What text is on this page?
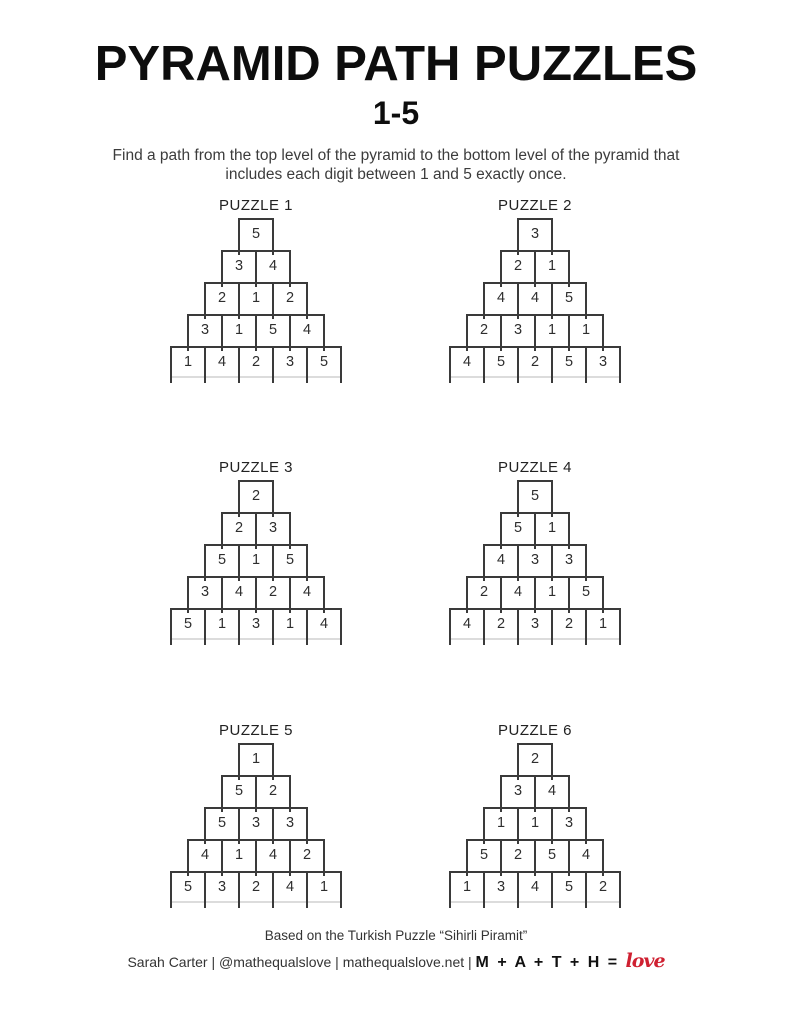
PYRAMID PATH PUZZLES
1-5
Find a path from the top level of the pyramid to the bottom level of the pyramid that
includes each digit between 1 and 5 exactly once.
PUZZLE 1
5
3	4
2	1	2
3	1	5	4
1	4	2	3	5
PUZZLE 2
3
2	1
4	4	5
2	3	1	1
4	5	2	5	3
PUZZLE 3
2
2	3
5	1	5
3	4	2	4
5	1	3	1	4
PUZZLE 4
5
5	1
4	3	3
2	4	1	5
4	2	3	2	1
PUZZLE 5
1
5	2
5	3	3
4	1	4	2
5	3	2	4	1
PUZZLE 6
2
3	4
1	1	3
5	2	5	4
1	3	4	5	2
Based on the Turkish Puzzle “Sihirli Piramit”
Sarah Carter | @mathequalslove | mathequalslove.net | M + A + T + H = love
